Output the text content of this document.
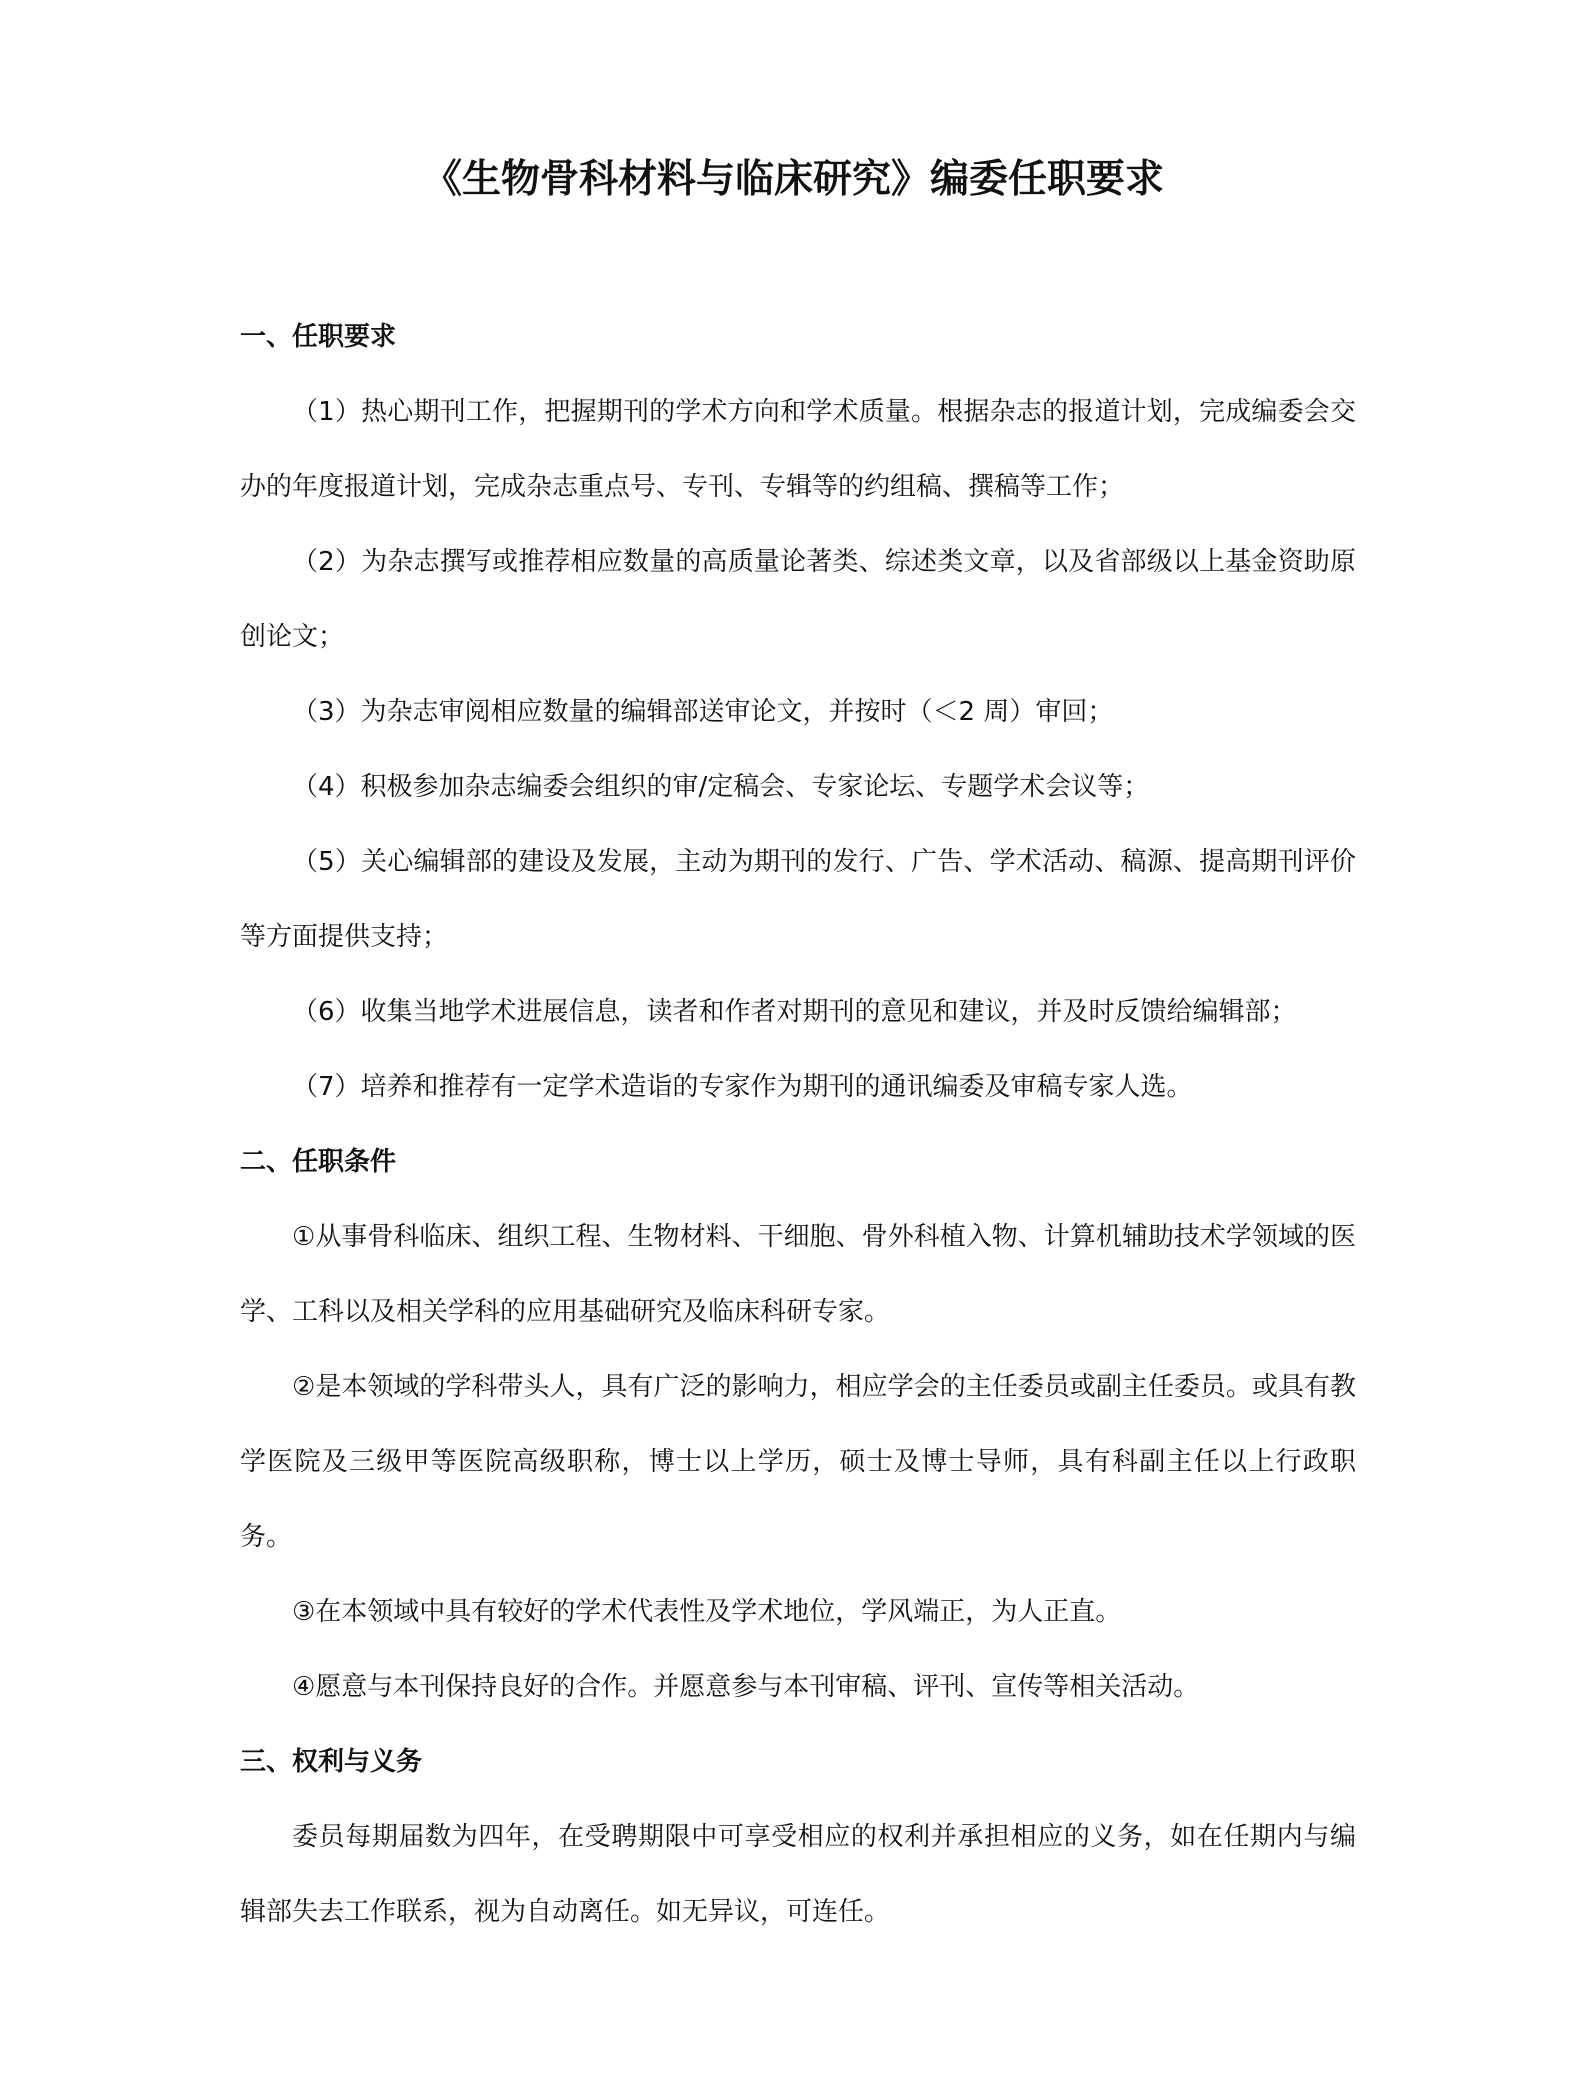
《生物骨科材料与临床研究》编委任职要求
一、任职要求

（1）热心期刊工作，把握期刊的学术方向和学术质量。根据杂志的报道计划，完成编委会交办的年度报道计划，完成杂志重点号、专刊、专辑等的约组稿、撰稿等工作；

（2）为杂志撰写或推荐相应数量的高质量论著类、综述类文章，以及省部级以上基金资助原创论文；

（3）为杂志审阅相应数量的编辑部送审论文，并按时（＜2 周）审回；

（4）积极参加杂志编委会组织的审/定稿会、专家论坛、专题学术会议等；

（5）关心编辑部的建设及发展，主动为期刊的发行、广告、学术活动、稿源、提高期刊评价等方面提供支持；

（6）收集当地学术进展信息，读者和作者对期刊的意见和建议，并及时反馈给编辑部；

（7）培养和推荐有一定学术造诣的专家作为期刊的通讯编委及审稿专家人选。

二、任职条件

①从事骨科临床、组织工程、生物材料、干细胞、骨外科植入物、计算机辅助技术学领域的医学、工科以及相关学科的应用基础研究及临床科研专家。

②是本领域的学科带头人，具有广泛的影响力，相应学会的主任委员或副主任委员。或具有教学医院及三级甲等医院高级职称，博士以上学历，硕士及博士导师，具有科副主任以上行政职务。

③在本领域中具有较好的学术代表性及学术地位，学风端正，为人正直。

④愿意与本刊保持良好的合作。并愿意参与本刊审稿、评刊、宣传等相关活动。

三、权利与义务

委员每期届数为四年，在受聘期限中可享受相应的权利并承担相应的义务，如在任期内与编辑部失去工作联系，视为自动离任。如无异议，可连任。
